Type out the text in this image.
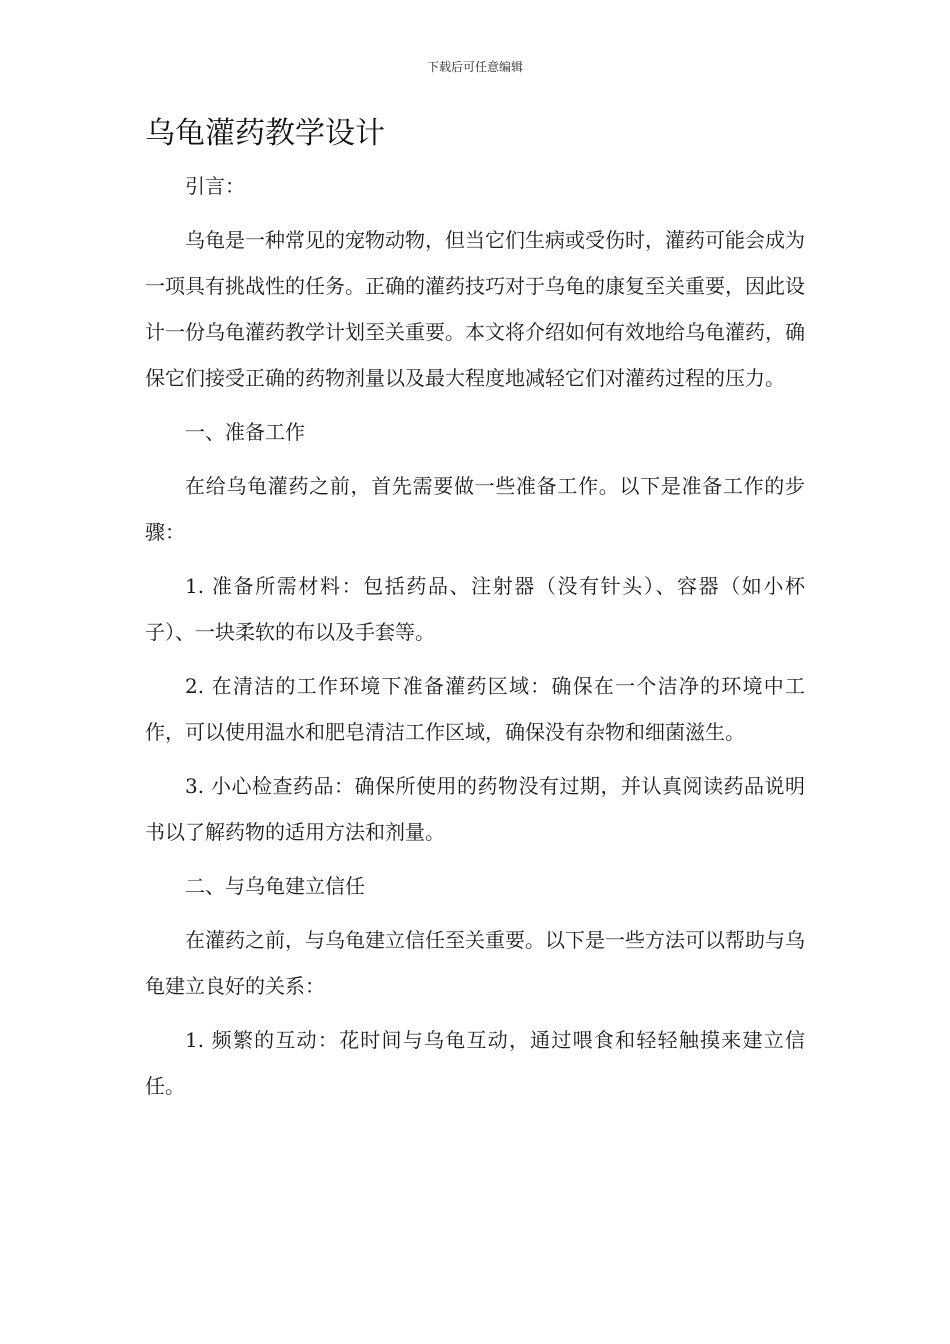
下载后可任意编辑
乌龟灌药教学设计

引言：

乌龟是一种常见的宠物动物，但当它们生病或受伤时，灌药可能会成为一项具有挑战性的任务。正确的灌药技巧对于乌龟的康复至关重要，因此设计一份乌龟灌药教学计划至关重要。本文将介绍如何有效地给乌龟灌药，确保它们接受正确的药物剂量以及最大程度地减轻它们对灌药过程的压力。

一、准备工作

在给乌龟灌药之前，首先需要做一些准备工作。以下是准备工作的步骤：

1. 准备所需材料：包括药品、注射器（没有针头）、容器（如小杯子）、一块柔软的布以及手套等。

2. 在清洁的工作环境下准备灌药区域：确保在一个洁净的环境中工作，可以使用温水和肥皂清洁工作区域，确保没有杂物和细菌滋生。

3. 小心检查药品：确保所使用的药物没有过期，并认真阅读药品说明书以了解药物的适用方法和剂量。

二、与乌龟建立信任

在灌药之前，与乌龟建立信任至关重要。以下是一些方法可以帮助与乌龟建立良好的关系：

1. 频繁的互动：花时间与乌龟互动，通过喂食和轻轻触摸来建立信任。
